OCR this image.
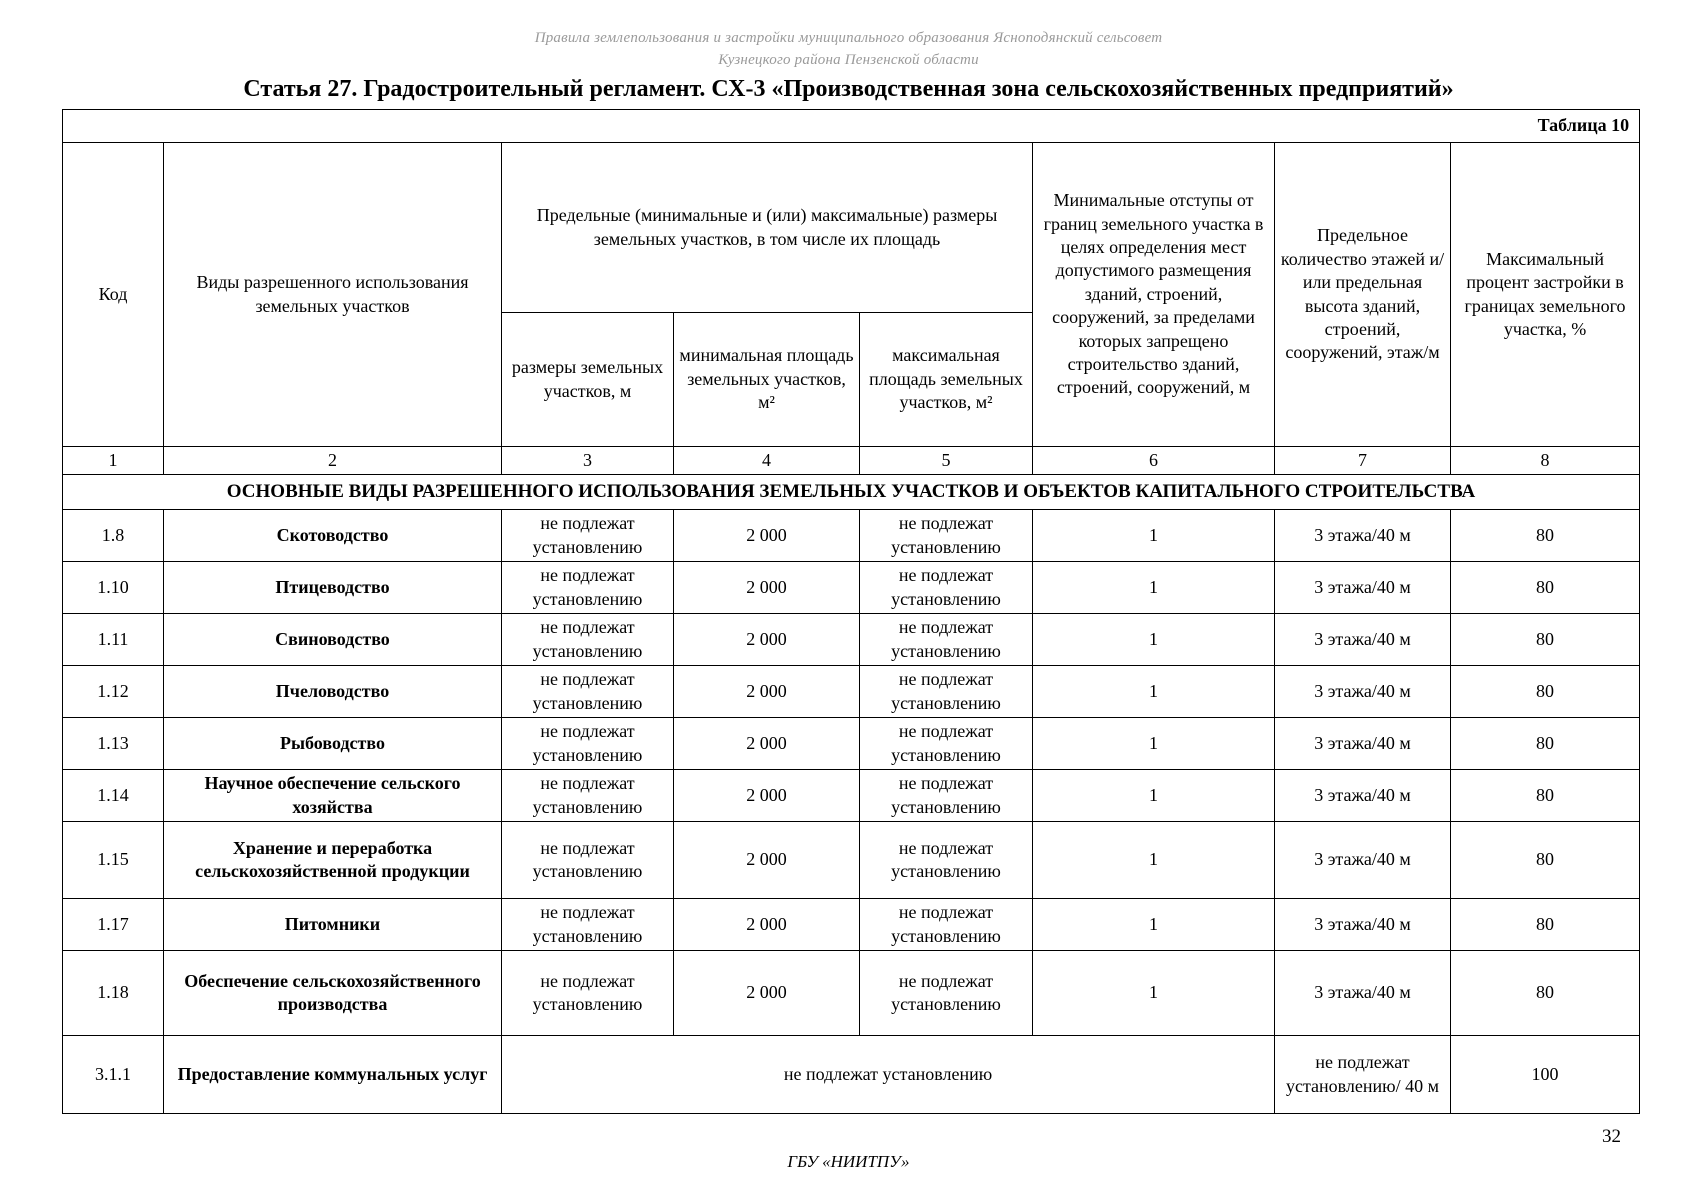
Правила землепользования и застройки муниципального образования Ясноподянский сельсовет
Кузнецкого района Пензенской области
Статья 27. Градостроительный регламент. СХ-3 «Производственная зона сельскохозяйственных предприятий»
Таблица 10							
Код	Виды разрешенного использования земельных участков	Предельные (минимальные и (или) максимальные) размеры земельных участков, в том числе их площадь			Минимальные отступы от границ земельного участка в целях определения мест допустимого размещения зданий, строений, сооружений, за пределами которых запрещено строительство зданий, строений, сооружений, м	Предельное количество этажей и/или предельная высота зданий, строений, сооружений, этаж/м	Максимальный процент застройки в границах земельного участка, %
		размеры земельных участков, м	минимальная площадь земельных участков, м²	максимальная площадь земельных участков, м²			
1	2	3	4	5	6	7	8
ОСНОВНЫЕ ВИДЫ РАЗРЕШЕННОГО ИСПОЛЬЗОВАНИЯ ЗЕМЕЛЬНЫХ УЧАСТКОВ И ОБЪЕКТОВ КАПИТАЛЬНОГО СТРОИТЕЛЬСТВА							
1.8	Скотоводство	не подлежат установлению	2 000	не подлежат установлению	1	3 этажа/40 м	80
1.10	Птицеводство	не подлежат установлению	2 000	не подлежат установлению	1	3 этажа/40 м	80
1.11	Свиноводство	не подлежат установлению	2 000	не подлежат установлению	1	3 этажа/40 м	80
1.12	Пчеловодство	не подлежат установлению	2 000	не подлежат установлению	1	3 этажа/40 м	80
1.13	Рыбоводство	не подлежат установлению	2 000	не подлежат установлению	1	3 этажа/40 м	80
1.14	Научное обеспечение сельского хозяйства	не подлежат установлению	2 000	не подлежат установлению	1	3 этажа/40 м	80
1.15	Хранение и переработка сельскохозяйственной продукции	не подлежат установлению	2 000	не подлежат установлению	1	3 этажа/40 м	80
1.17	Питомники	не подлежат установлению	2 000	не подлежат установлению	1	3 этажа/40 м	80
1.18	Обеспечение сельскохозяйственного производства	не подлежат установлению	2 000	не подлежат установлению	1	3 этажа/40 м	80
3.1.1	Предоставление коммунальных услуг	не подлежат установлению				не подлежат установлению/ 40 м	100
32
ГБУ «НИИТПУ»
